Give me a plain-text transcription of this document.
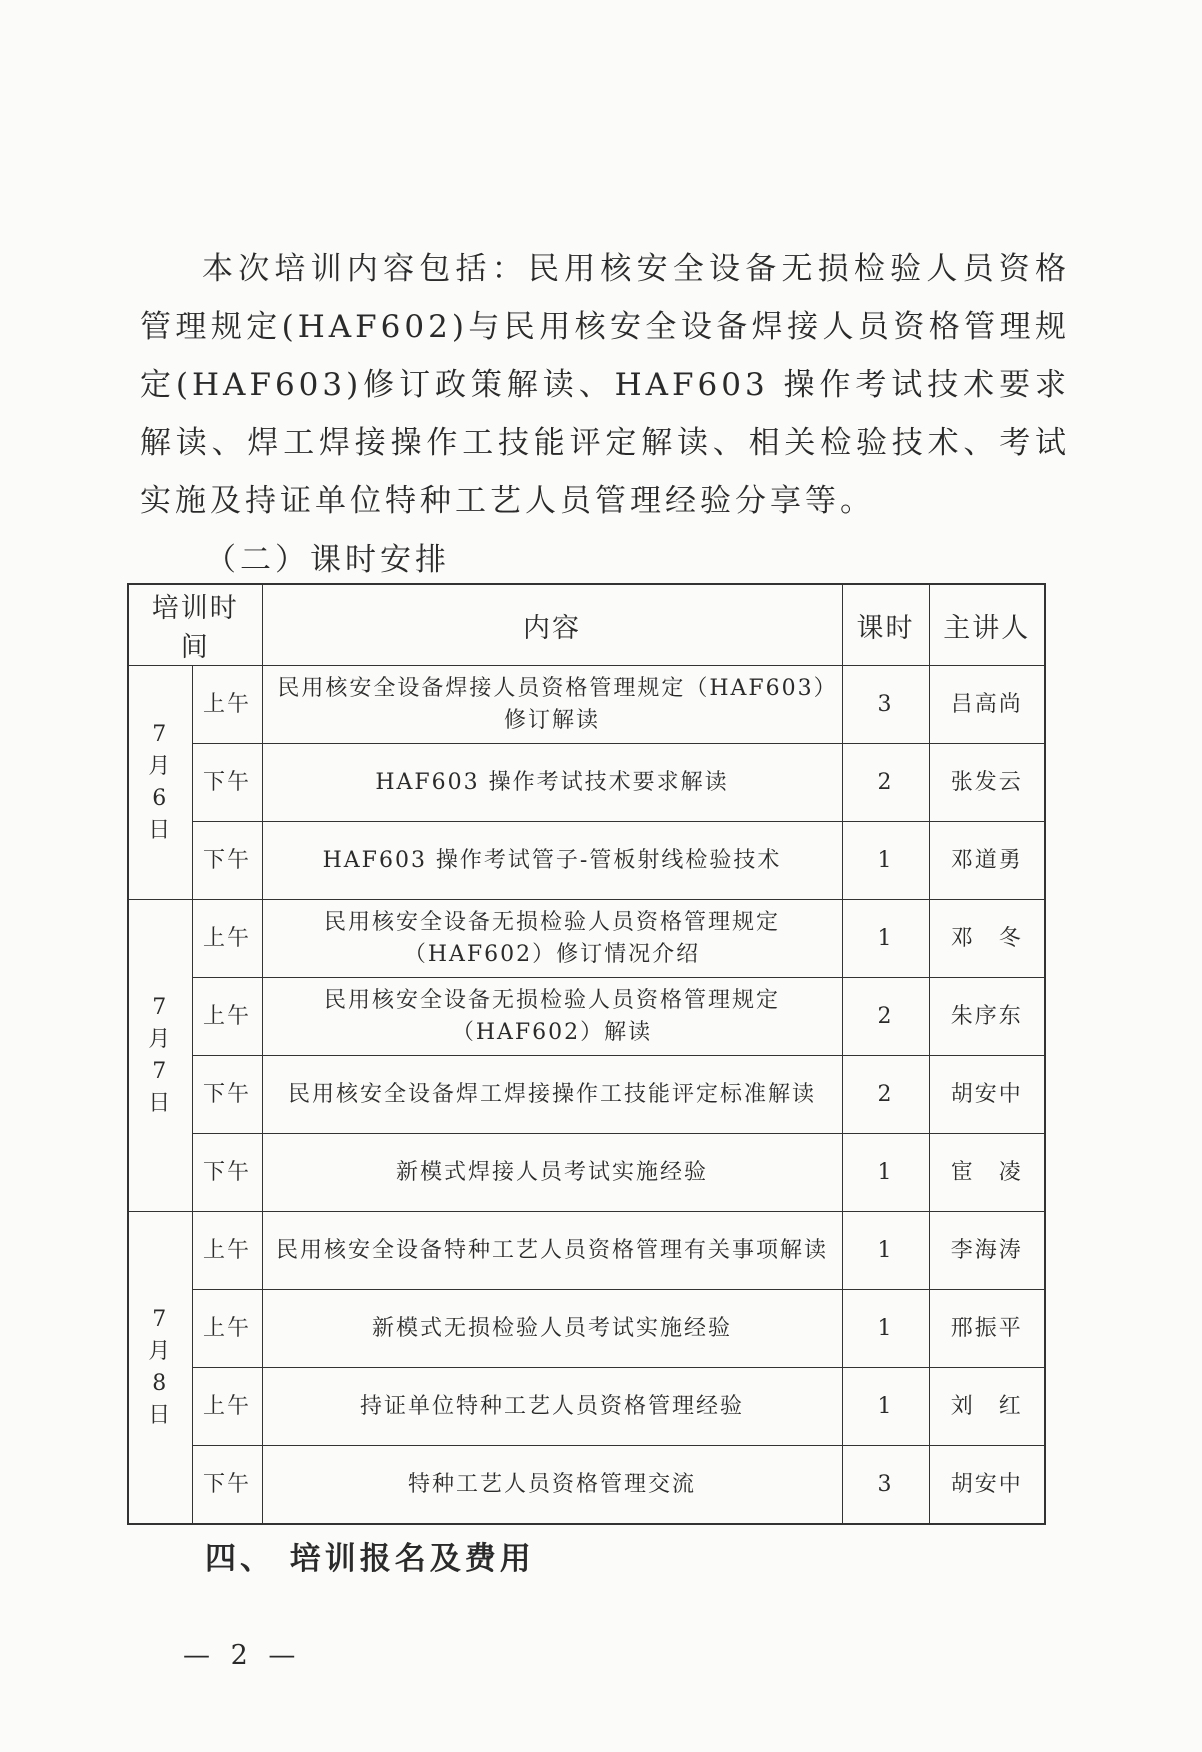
本次培训内容包括：民用核安全设备无损检验人员资格管理规定(HAF602)与民用核安全设备焊接人员资格管理规定(HAF603)修订政策解读、HAF603 操作考试技术要求解读、焊工焊接操作工技能评定解读、相关检验技术、考试实施及持证单位特种工艺人员管理经验分享等。

（二）课时安排

培训时间		内容	课时	主讲人

7 月
6 日	上午	民用核安全设备焊接人员资格管理规定（HAF603）修订解读	3	吕高尚
	下午	HAF603 操作考试技术要求解读	2	张发云
	下午	HAF603 操作考试管子-管板射线检验技术	1	邓道勇

7 月
7 日	上午	民用核安全设备无损检验人员资格管理规定（HAF602）修订情况介绍	1	邓　冬
	上午	民用核安全设备无损检验人员资格管理规定（HAF602）解读	2	朱序东
	下午	民用核安全设备焊工焊接操作工技能评定标准解读	2	胡安中
	下午	新模式焊接人员考试实施经验	1	宦　凌

7 月
8 日	上午	民用核安全设备特种工艺人员资格管理有关事项解读	1	李海涛
	上午	新模式无损检验人员考试实施经验	1	邢振平
	上午	持证单位特种工艺人员资格管理经验	1	刘　红
	下午	特种工艺人员资格管理交流	3	胡安中

四、 培训报名及费用

— 2 —
